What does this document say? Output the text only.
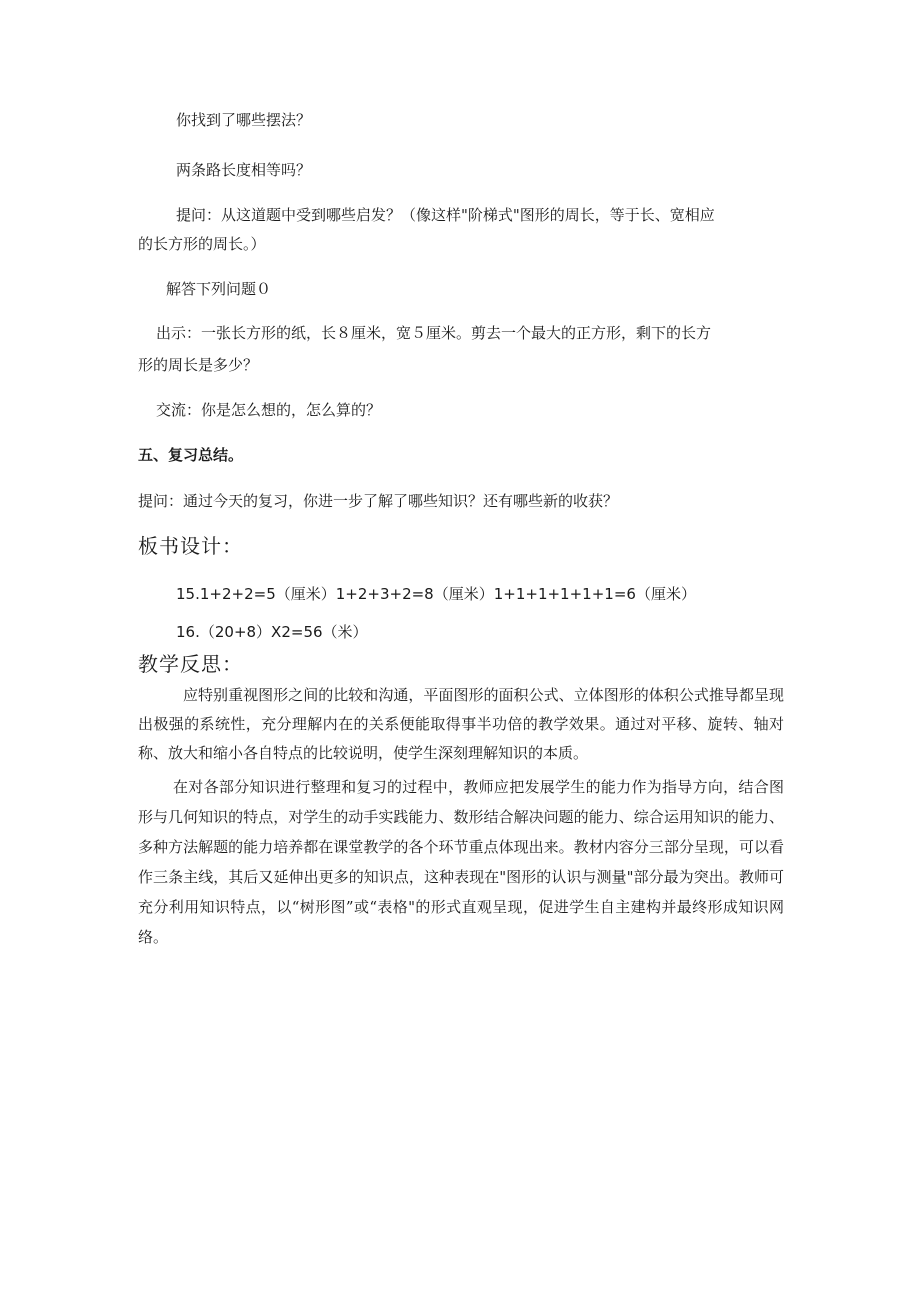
你找到了哪些摆法？
两条路长度相等吗？
提问：从这道题中受到哪些启发？（像这样"阶梯式"图形的周长，等于长、宽相应
的长方形的周长。）
解答下列问题０
出示：一张长方形的纸，长８厘米，宽５厘米。剪去一个最大的正方形，剩下的长方
形的周长是多少？
交流：你是怎么想的，怎么算的？
五、复习总结。
提问：通过今天的复习，你进一步了解了哪些知识？还有哪些新的收获？
板书设计：
15.1+2+2=5（厘米）1+2+3+2=8（厘米）1+1+1+1+1+1=6（厘米）
16.（20+8）X2=56（米）
教学反思：
应特别重视图形之间的比较和沟通，平面图形的面积公式、立体图形的体积公式推导都呈现出极强的系统性，充分理解内在的关系便能取得事半功倍的教学效果。通过对平移、旋转、轴对称、放大和缩小各自特点的比较说明，使学生深刻理解知识的本质。
在对各部分知识进行整理和复习的过程中，教师应把发展学生的能力作为指导方向，结合图形与几何知识的特点，对学生的动手实践能力、数形结合解决问题的能力、综合运用知识的能力、多种方法解题的能力培养都在课堂教学的各个环节重点体现出来。教材内容分三部分呈现，可以看作三条主线，其后又延伸出更多的知识点，这种表现在"图形的认识与测量"部分最为突出。教师可充分利用知识特点，以“树形图”或“表格"的形式直观呈现，促进学生自主建构并最终形成知识网络。
